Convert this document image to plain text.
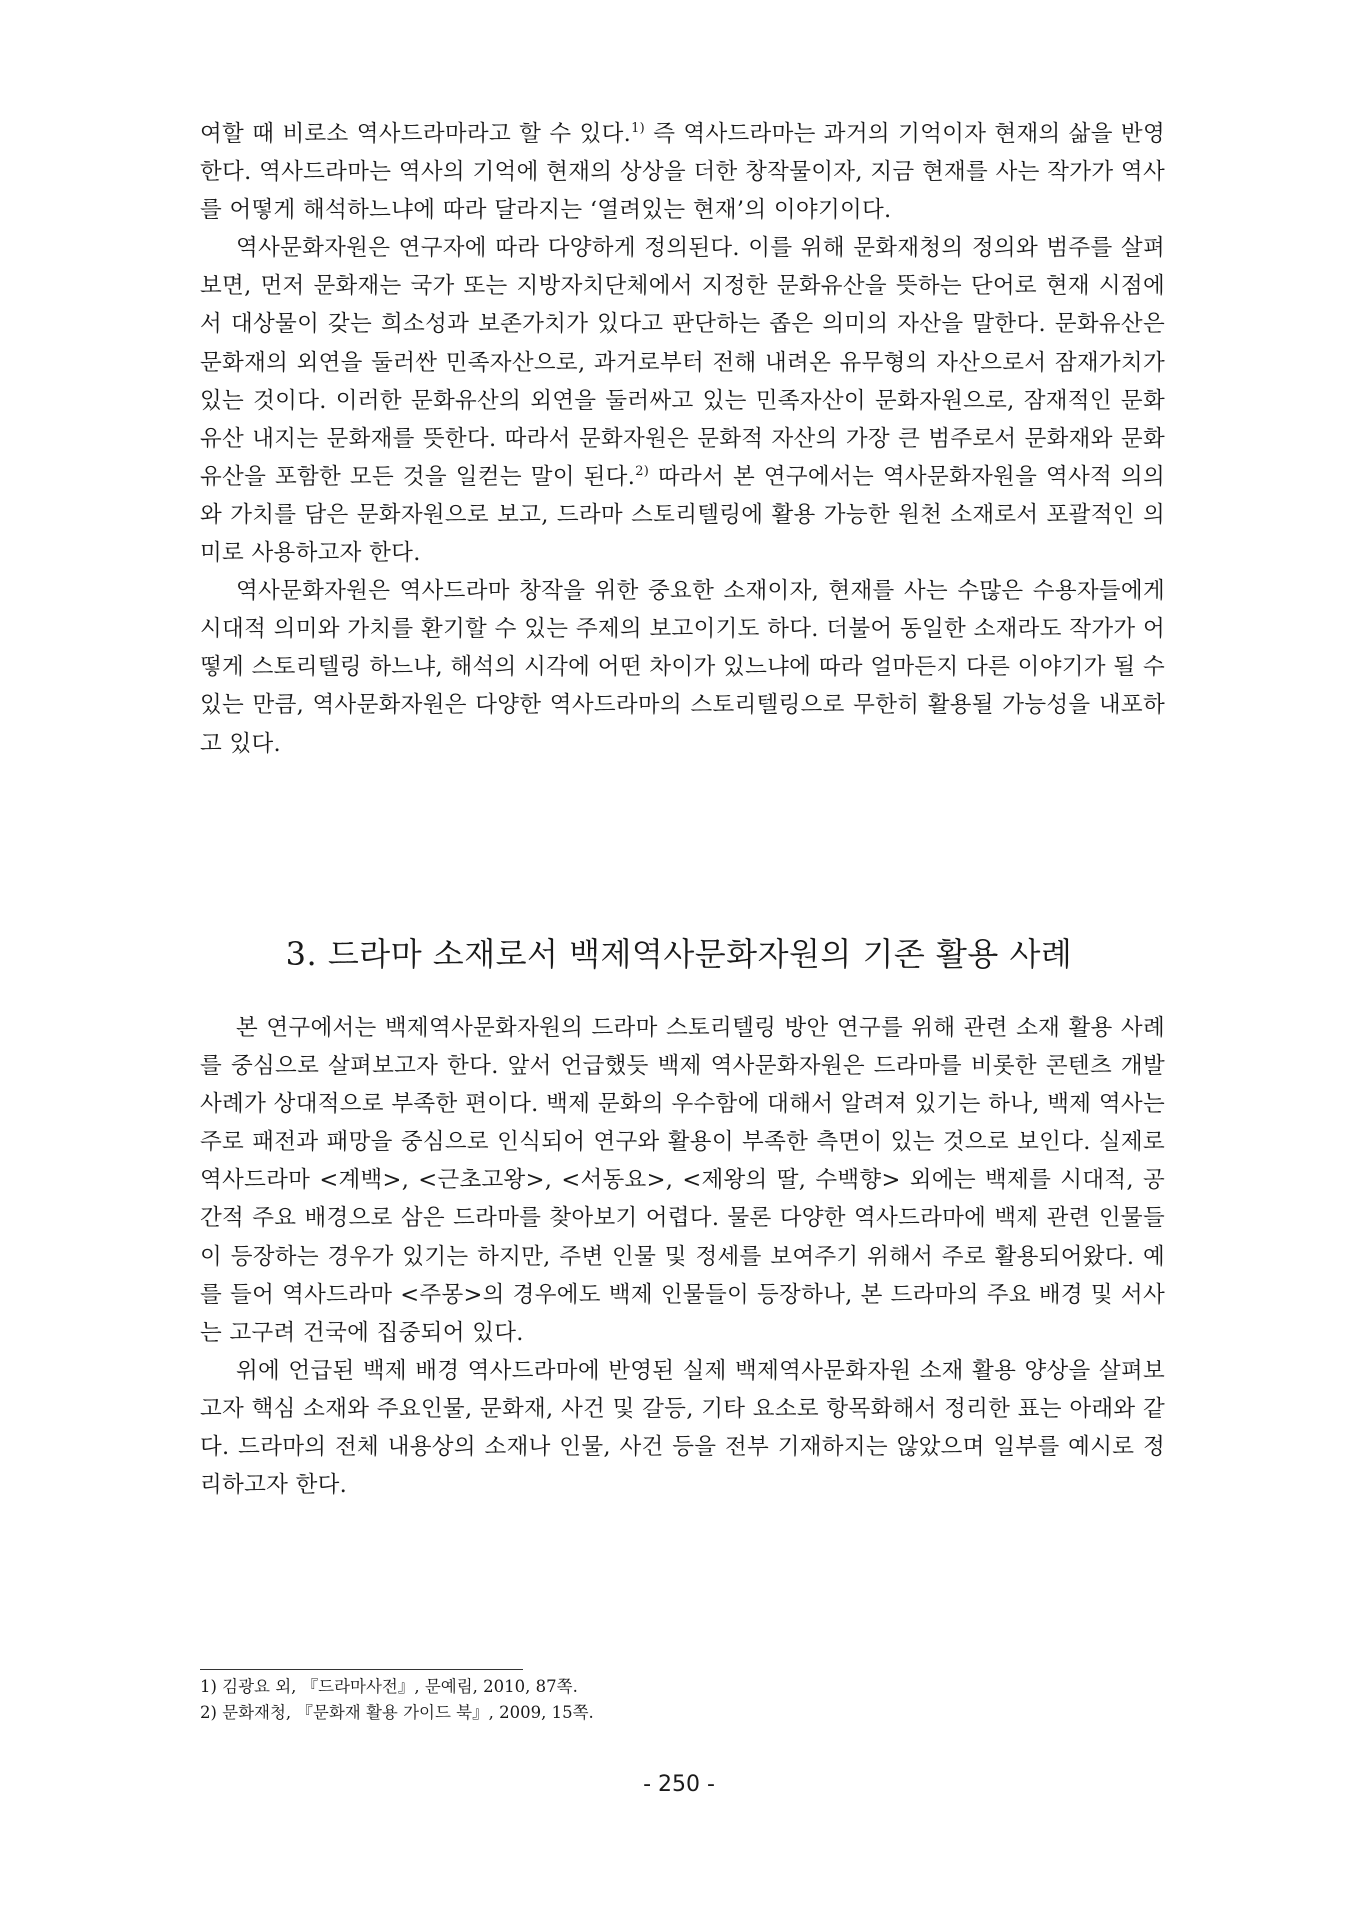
여할 때 비로소 역사드라마라고 할 수 있다.$^{1)}$ 즉 역사드라마는 과거의 기억이자 현재의 삶을 반영한다. 역사드라마는 역사의 기억에 현재의 상상을 더한 창작물이자, 지금 현재를 사는 작가가 역사를 어떻게 해석하느냐에 따라 달라지는 ‘열려있는 현재’의 이야기이다.

역사문화자원은 연구자에 따라 다양하게 정의된다. 이를 위해 문화재청의 정의와 범주를 살펴보면, 먼저 문화재는 국가 또는 지방자치단체에서 지정한 문화유산을 뜻하는 단어로 현재 시점에서 대상물이 갖는 희소성과 보존가치가 있다고 판단하는 좁은 의미의 자산을 말한다. 문화유산은 문화재의 외연을 둘러싼 민족자산으로, 과거로부터 전해 내려온 유무형의 자산으로서 잠재가치가 있는 것이다. 이러한 문화유산의 외연을 둘러싸고 있는 민족자산이 문화자원으로, 잠재적인 문화유산 내지는 문화재를 뜻한다. 따라서 문화자원은 문화적 자산의 가장 큰 범주로서 문화재와 문화유산을 포함한 모든 것을 일컫는 말이 된다.$^{2)}$ 따라서 본 연구에서는 역사문화자원을 역사적 의의와 가치를 담은 문화자원으로 보고, 드라마 스토리텔링에 활용 가능한 원천 소재로서 포괄적인 의미로 사용하고자 한다.

역사문화자원은 역사드라마 창작을 위한 중요한 소재이자, 현재를 사는 수많은 수용자들에게 시대적 의미와 가치를 환기할 수 있는 주제의 보고이기도 하다. 더불어 동일한 소재라도 작가가 어떻게 스토리텔링 하느냐, 해석의 시각에 어떤 차이가 있느냐에 따라 얼마든지 다른 이야기가 될 수 있는 만큼, 역사문화자원은 다양한 역사드라마의 스토리텔링으로 무한히 활용될 가능성을 내포하고 있다.

3. 드라마 소재로서 백제역사문화자원의 기존 활용 사례

본 연구에서는 백제역사문화자원의 드라마 스토리텔링 방안 연구를 위해 관련 소재 활용 사례를 중심으로 살펴보고자 한다. 앞서 언급했듯 백제 역사문화자원은 드라마를 비롯한 콘텐츠 개발 사례가 상대적으로 부족한 편이다. 백제 문화의 우수함에 대해서 알려져 있기는 하나, 백제 역사는 주로 패전과 패망을 중심으로 인식되어 연구와 활용이 부족한 측면이 있는 것으로 보인다. 실제로 역사드라마 <계백>, <근초고왕>, <서동요>, <제왕의 딸, 수백향> 외에는 백제를 시대적, 공간적 주요 배경으로 삼은 드라마를 찾아보기 어렵다. 물론 다양한 역사드라마에 백제 관련 인물들이 등장하는 경우가 있기는 하지만, 주변 인물 및 정세를 보여주기 위해서 주로 활용되어왔다. 예를 들어 역사드라마 <주몽>의 경우에도 백제 인물들이 등장하나, 본 드라마의 주요 배경 및 서사는 고구려 건국에 집중되어 있다.

위에 언급된 백제 배경 역사드라마에 반영된 실제 백제역사문화자원 소재 활용 양상을 살펴보고자 핵심 소재와 주요인물, 문화재, 사건 및 갈등, 기타 요소로 항목화해서 정리한 표는 아래와 같다. 드라마의 전체 내용상의 소재나 인물, 사건 등을 전부 기재하지는 않았으며 일부를 예시로 정리하고자 한다.

1) 김광요 외, 『드라마사전』, 문예림, 2010, 87쪽.

2) 문화재청, 『문화재 활용 가이드 북』, 2009, 15쪽.

- 250 -
